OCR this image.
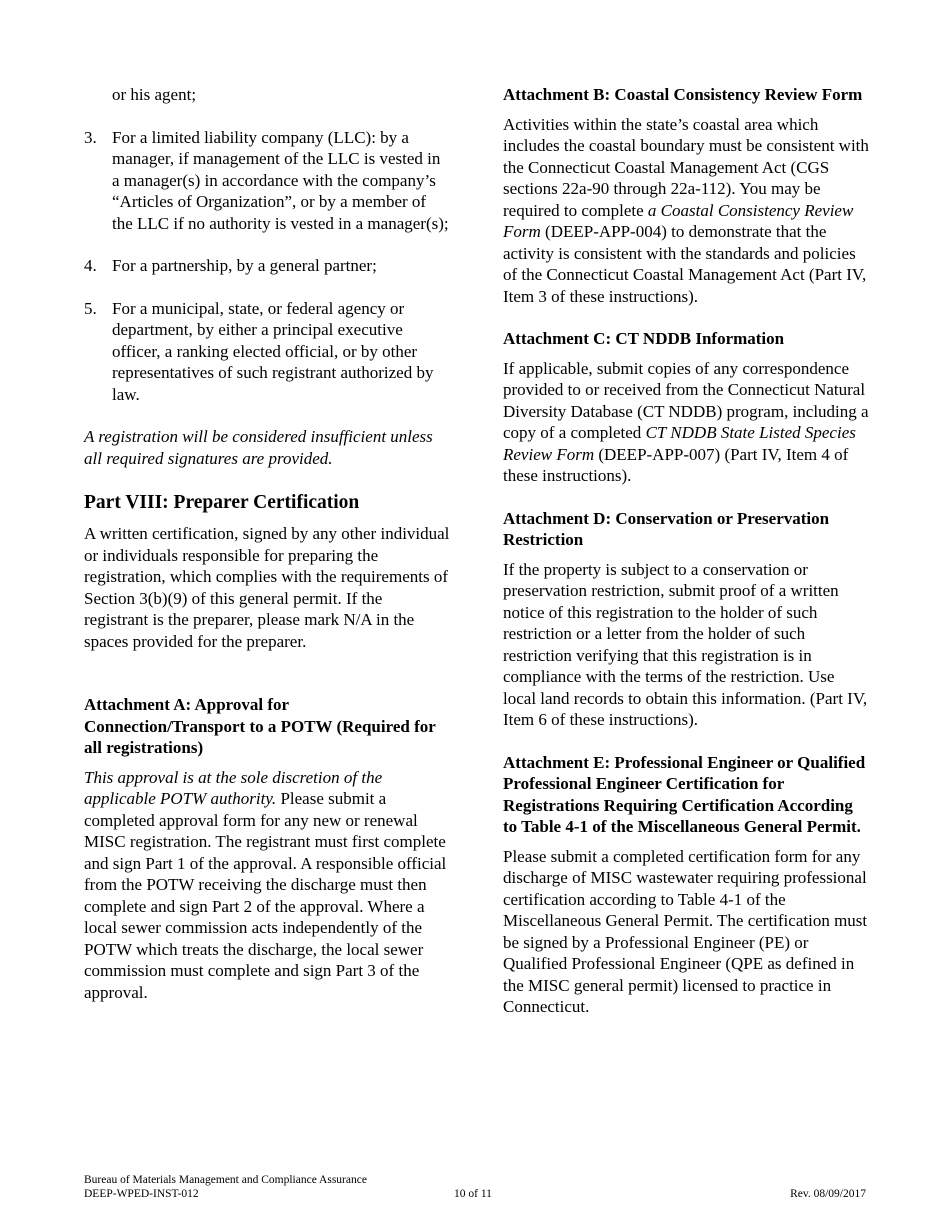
or his agent;

3. For a limited liability company (LLC): by a manager, if management of the LLC is vested in a manager(s) in accordance with the company’s “Articles of Organization”, or by a member of the LLC if no authority is vested in a manager(s);
4. For a partnership, by a general partner;
5. For a municipal, state, or federal agency or department, by either a principal executive officer, a ranking elected official, or by other representatives of such registrant authorized by law.

A registration will be considered insufficient unless all required signatures are provided.

Part VIII: Preparer Certification

A written certification, signed by any other individual or individuals responsible for preparing the registration, which complies with the requirements of Section 3(b)(9) of this general permit. If the registrant is the preparer, please mark N/A in the spaces provided for the preparer.

Attachment A: Approval for Connection/Transport to a POTW (Required for all registrations)

This approval is at the sole discretion of the applicable POTW authority. Please submit a completed approval form for any new or renewal MISC registration. The registrant must first complete and sign Part 1 of the approval. A responsible official from the POTW receiving the discharge must then complete and sign Part 2 of the approval. Where a local sewer commission acts independently of the POTW which treats the discharge, the local sewer commission must complete and sign Part 3 of the approval.

Attachment B: Coastal Consistency Review Form

Activities within the state’s coastal area which includes the coastal boundary must be consistent with the Connecticut Coastal Management Act (CGS sections 22a-90 through 22a-112). You may be required to complete a Coastal Consistency Review Form (DEEP-APP-004) to demonstrate that the activity is consistent with the standards and policies of the Connecticut Coastal Management Act (Part IV, Item 3 of these instructions).

Attachment C: CT NDDB Information

If applicable, submit copies of any correspondence provided to or received from the Connecticut Natural Diversity Database (CT NDDB) program, including a copy of a completed CT NDDB State Listed Species Review Form (DEEP-APP-007) (Part IV, Item 4 of these instructions).

Attachment D: Conservation or Preservation Restriction

If the property is subject to a conservation or preservation restriction, submit proof of a written notice of this registration to the holder of such restriction or a letter from the holder of such restriction verifying that this registration is in compliance with the terms of the restriction. Use local land records to obtain this information. (Part IV, Item 6 of these instructions).

Attachment E: Professional Engineer or Qualified Professional Engineer Certification for Registrations Requiring Certification According to Table 4-1 of the Miscellaneous General Permit.

Please submit a completed certification form for any discharge of MISC wastewater requiring professional certification according to Table 4-1 of the Miscellaneous General Permit. The certification must be signed by a Professional Engineer (PE) or Qualified Professional Engineer (QPE as defined in the MISC general permit) licensed to practice in Connecticut.

Bureau of Materials Management and Compliance Assurance
DEEP-WPED-INST-012	10 of 11	Rev. 08/09/2017
